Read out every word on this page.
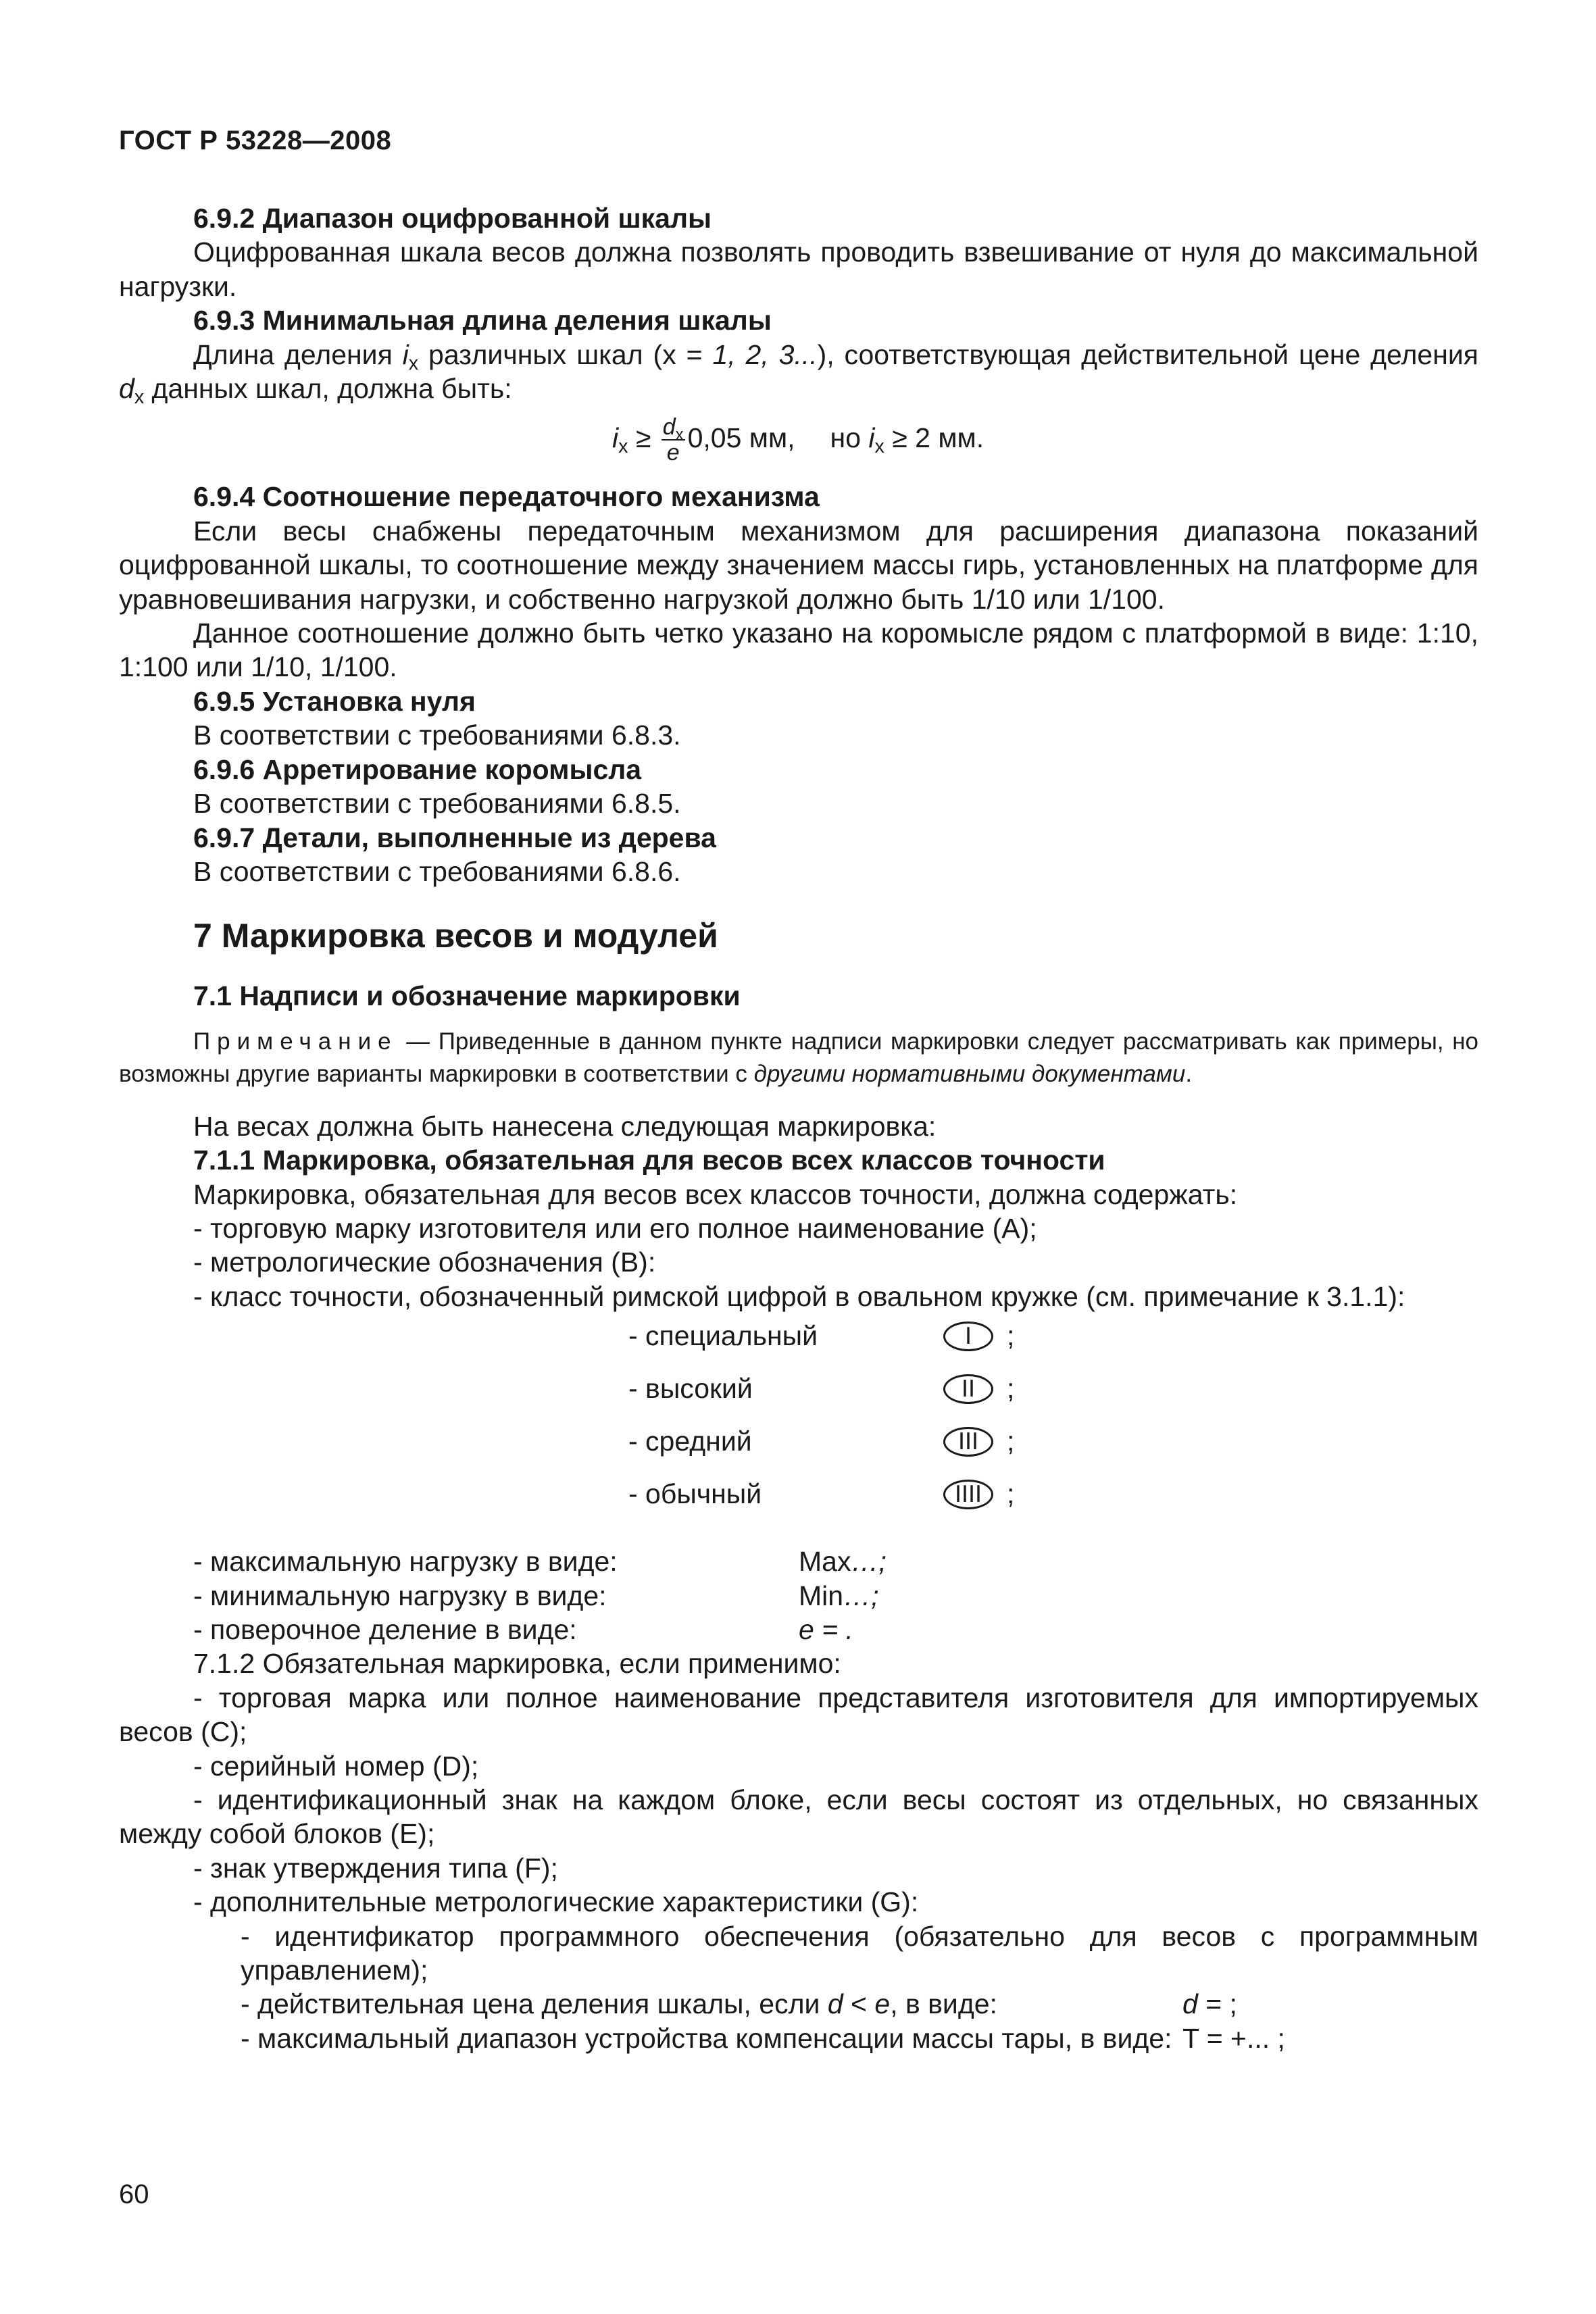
ГОСТ Р 53228—2008

6.9.2 Диапазон оцифрованной шкалы

Оцифрованная шкала весов должна позволять проводить взвешивание от нуля до максимальной нагрузки.

6.9.3 Минимальная длина деления шкалы

Длина деления $i_x$ различных шкал (x = 1, 2, 3...), соответствующая действительной цене деления $d_x$ данных шкал, должна быть:

$i_x \ge \frac{d_x}{e} 0,05$ мм, но $i_x \ge 2$ мм.

6.9.4 Соотношение передаточного механизма

Если весы снабжены передаточным механизмом для расширения диапазона показаний оцифрованной шкалы, то соотношение между значением массы гирь, установленных на платформе для уравновешивания нагрузки, и собственно нагрузкой должно быть 1/10 или 1/100.

Данное соотношение должно быть четко указано на коромысле рядом с платформой в виде: 1:10, 1:100 или 1/10, 1/100.

6.9.5 Установка нуля

В соответствии с требованиями 6.8.3.

6.9.6 Арретирование коромысла

В соответствии с требованиями 6.8.5.

6.9.7 Детали, выполненные из дерева

В соответствии с требованиями 6.8.6.

7 Маркировка весов и модулей

7.1 Надписи и обозначение маркировки

Примечание — Приведенные в данном пункте надписи маркировки следует рассматривать как примеры, но возможны другие варианты маркировки в соответствии с другими нормативными документами.

На весах должна быть нанесена следующая маркировка:

7.1.1 Маркировка, обязательная для весов всех классов точности

Маркировка, обязательная для весов всех классов точности, должна содержать:

- торговую марку изготовителя или его полное наименование (A);

- метрологические обозначения (B):

- класс точности, обозначенный римской цифрой в овальном кружке (см. примечание к 3.1.1):

- специальный	I	;
- высокий	II	;
- средний	III	;
- обычный	IIII ;
- максимальную нагрузку в виде:	Max…;
- минимальную нагрузку в виде:	Min…;
- поверочное деление в виде:	e = .

7.1.2 Обязательная маркировка, если применимо:

- торговая марка или полное наименование представителя изготовителя для импортируемых весов (C);

- серийный номер (D);

- идентификационный знак на каждом блоке, если весы состоят из отдельных, но связанных между собой блоков (E);

- знак утверждения типа (F);

- дополнительные метрологические характеристики (G):

- идентификатор программного обеспечения (обязательно для весов с программным управлением);

- действительная цена деления шкалы, если d < e, в виде:	d = ;
- максимальный диапазон устройства компенсации массы тары, в виде: T = +... ;
60
